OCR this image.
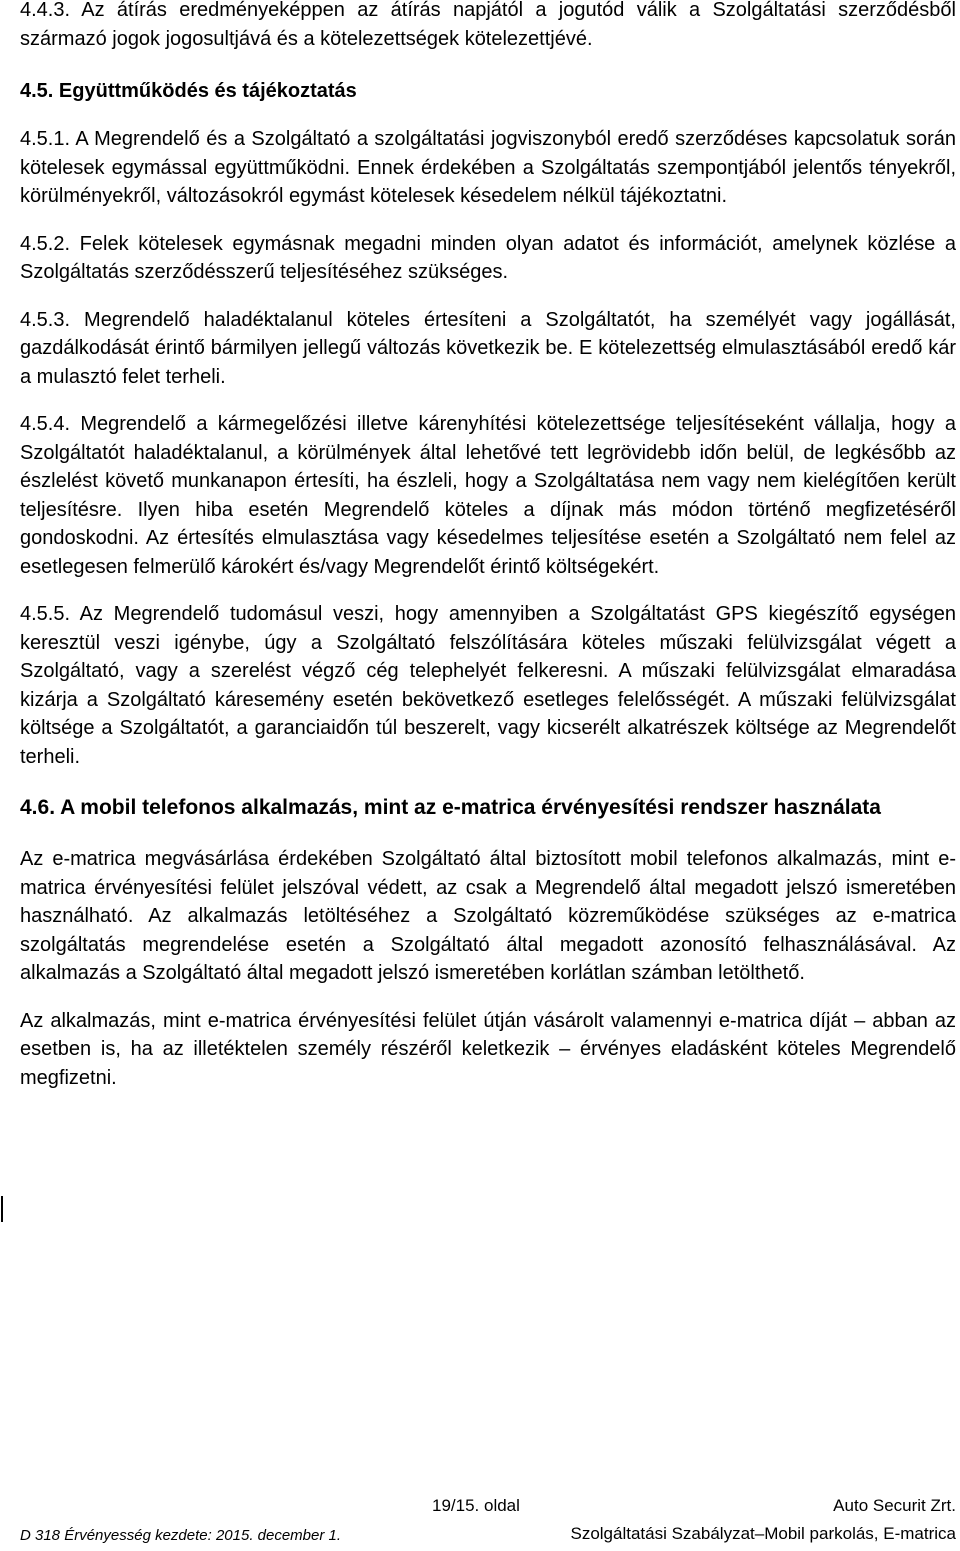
4.4.3. Az átírás eredményeképpen az átírás napjától a jogutód válik a Szolgáltatási szerződésből származó jogok jogosultjává és a kötelezettségek kötelezettjévé.

4.5. Együttműködés és tájékoztatás

4.5.1. A Megrendelő és a Szolgáltató a szolgáltatási jogviszonyból eredő szerződéses kapcsolatuk során kötelesek egymással együttműködni. Ennek érdekében a Szolgáltatás szempontjából jelentős tényekről, körülményekről, változásokról egymást kötelesek késedelem nélkül tájékoztatni.

4.5.2. Felek kötelesek egymásnak megadni minden olyan adatot és információt, amelynek közlése a Szolgáltatás szerződésszerű teljesítéséhez szükséges.

4.5.3. Megrendelő haladéktalanul köteles értesíteni a Szolgáltatót, ha személyét vagy jogállását, gazdálkodását érintő bármilyen jellegű változás következik be. E kötelezettség elmulasztásából eredő kár a mulasztó felet terheli.

4.5.4. Megrendelő a kármegelőzési illetve kárenyhítési kötelezettsége teljesítéseként vállalja, hogy a Szolgáltatót haladéktalanul, a körülmények által lehetővé tett legrövidebb időn belül, de legkésőbb az észlelést követő munkanapon értesíti, ha észleli, hogy a Szolgáltatása nem vagy nem kielégítően került teljesítésre. Ilyen hiba esetén Megrendelő köteles a díjnak más módon történő megfizetéséről gondoskodni. Az értesítés elmulasztása vagy késedelmes teljesítése esetén a Szolgáltató nem felel az esetlegesen felmerülő károkért és/vagy Megrendelőt érintő költségekért.

4.5.5. Az Megrendelő tudomásul veszi, hogy amennyiben a Szolgáltatást GPS kiegészítő egységen keresztül veszi igénybe, úgy a Szolgáltató felszólítására köteles műszaki felülvizsgálat végett a Szolgáltató, vagy a szerelést végző cég telephelyét felkeresni. A műszaki felülvizsgálat elmaradása kizárja a Szolgáltató káresemény esetén bekövetkező esetleges felelősségét. A műszaki felülvizsgálat költsége a Szolgáltatót, a garanciaidőn túl beszerelt, vagy kicserélt alkatrészek költsége az Megrendelőt terheli.

4.6. A mobil telefonos alkalmazás, mint az e-matrica érvényesítési rendszer használata

Az e-matrica megvásárlása érdekében Szolgáltató által biztosított mobil telefonos alkalmazás, mint e-matrica érvényesítési felület jelszóval védett, az csak a Megrendelő által megadott jelszó ismeretében használható. Az alkalmazás letöltéséhez a Szolgáltató közreműködése szükséges az e-matrica szolgáltatás megrendelése esetén a Szolgáltató által megadott azonosító felhasználásával. Az alkalmazás a Szolgáltató által megadott jelszó ismeretében korlátlan számban letölthető.

Az alkalmazás, mint e-matrica érvényesítési felület útján vásárolt valamennyi e-matrica díját – abban az esetben is, ha az illetéktelen személy részéről keletkezik – érvényes eladásként köteles Megrendelő megfizetni.

19/15. oldal	Auto Securit Zrt.
D 318 Érvényesség kezdete: 2015. december 1.	Szolgáltatási Szabályzat–Mobil parkolás, E-matrica
